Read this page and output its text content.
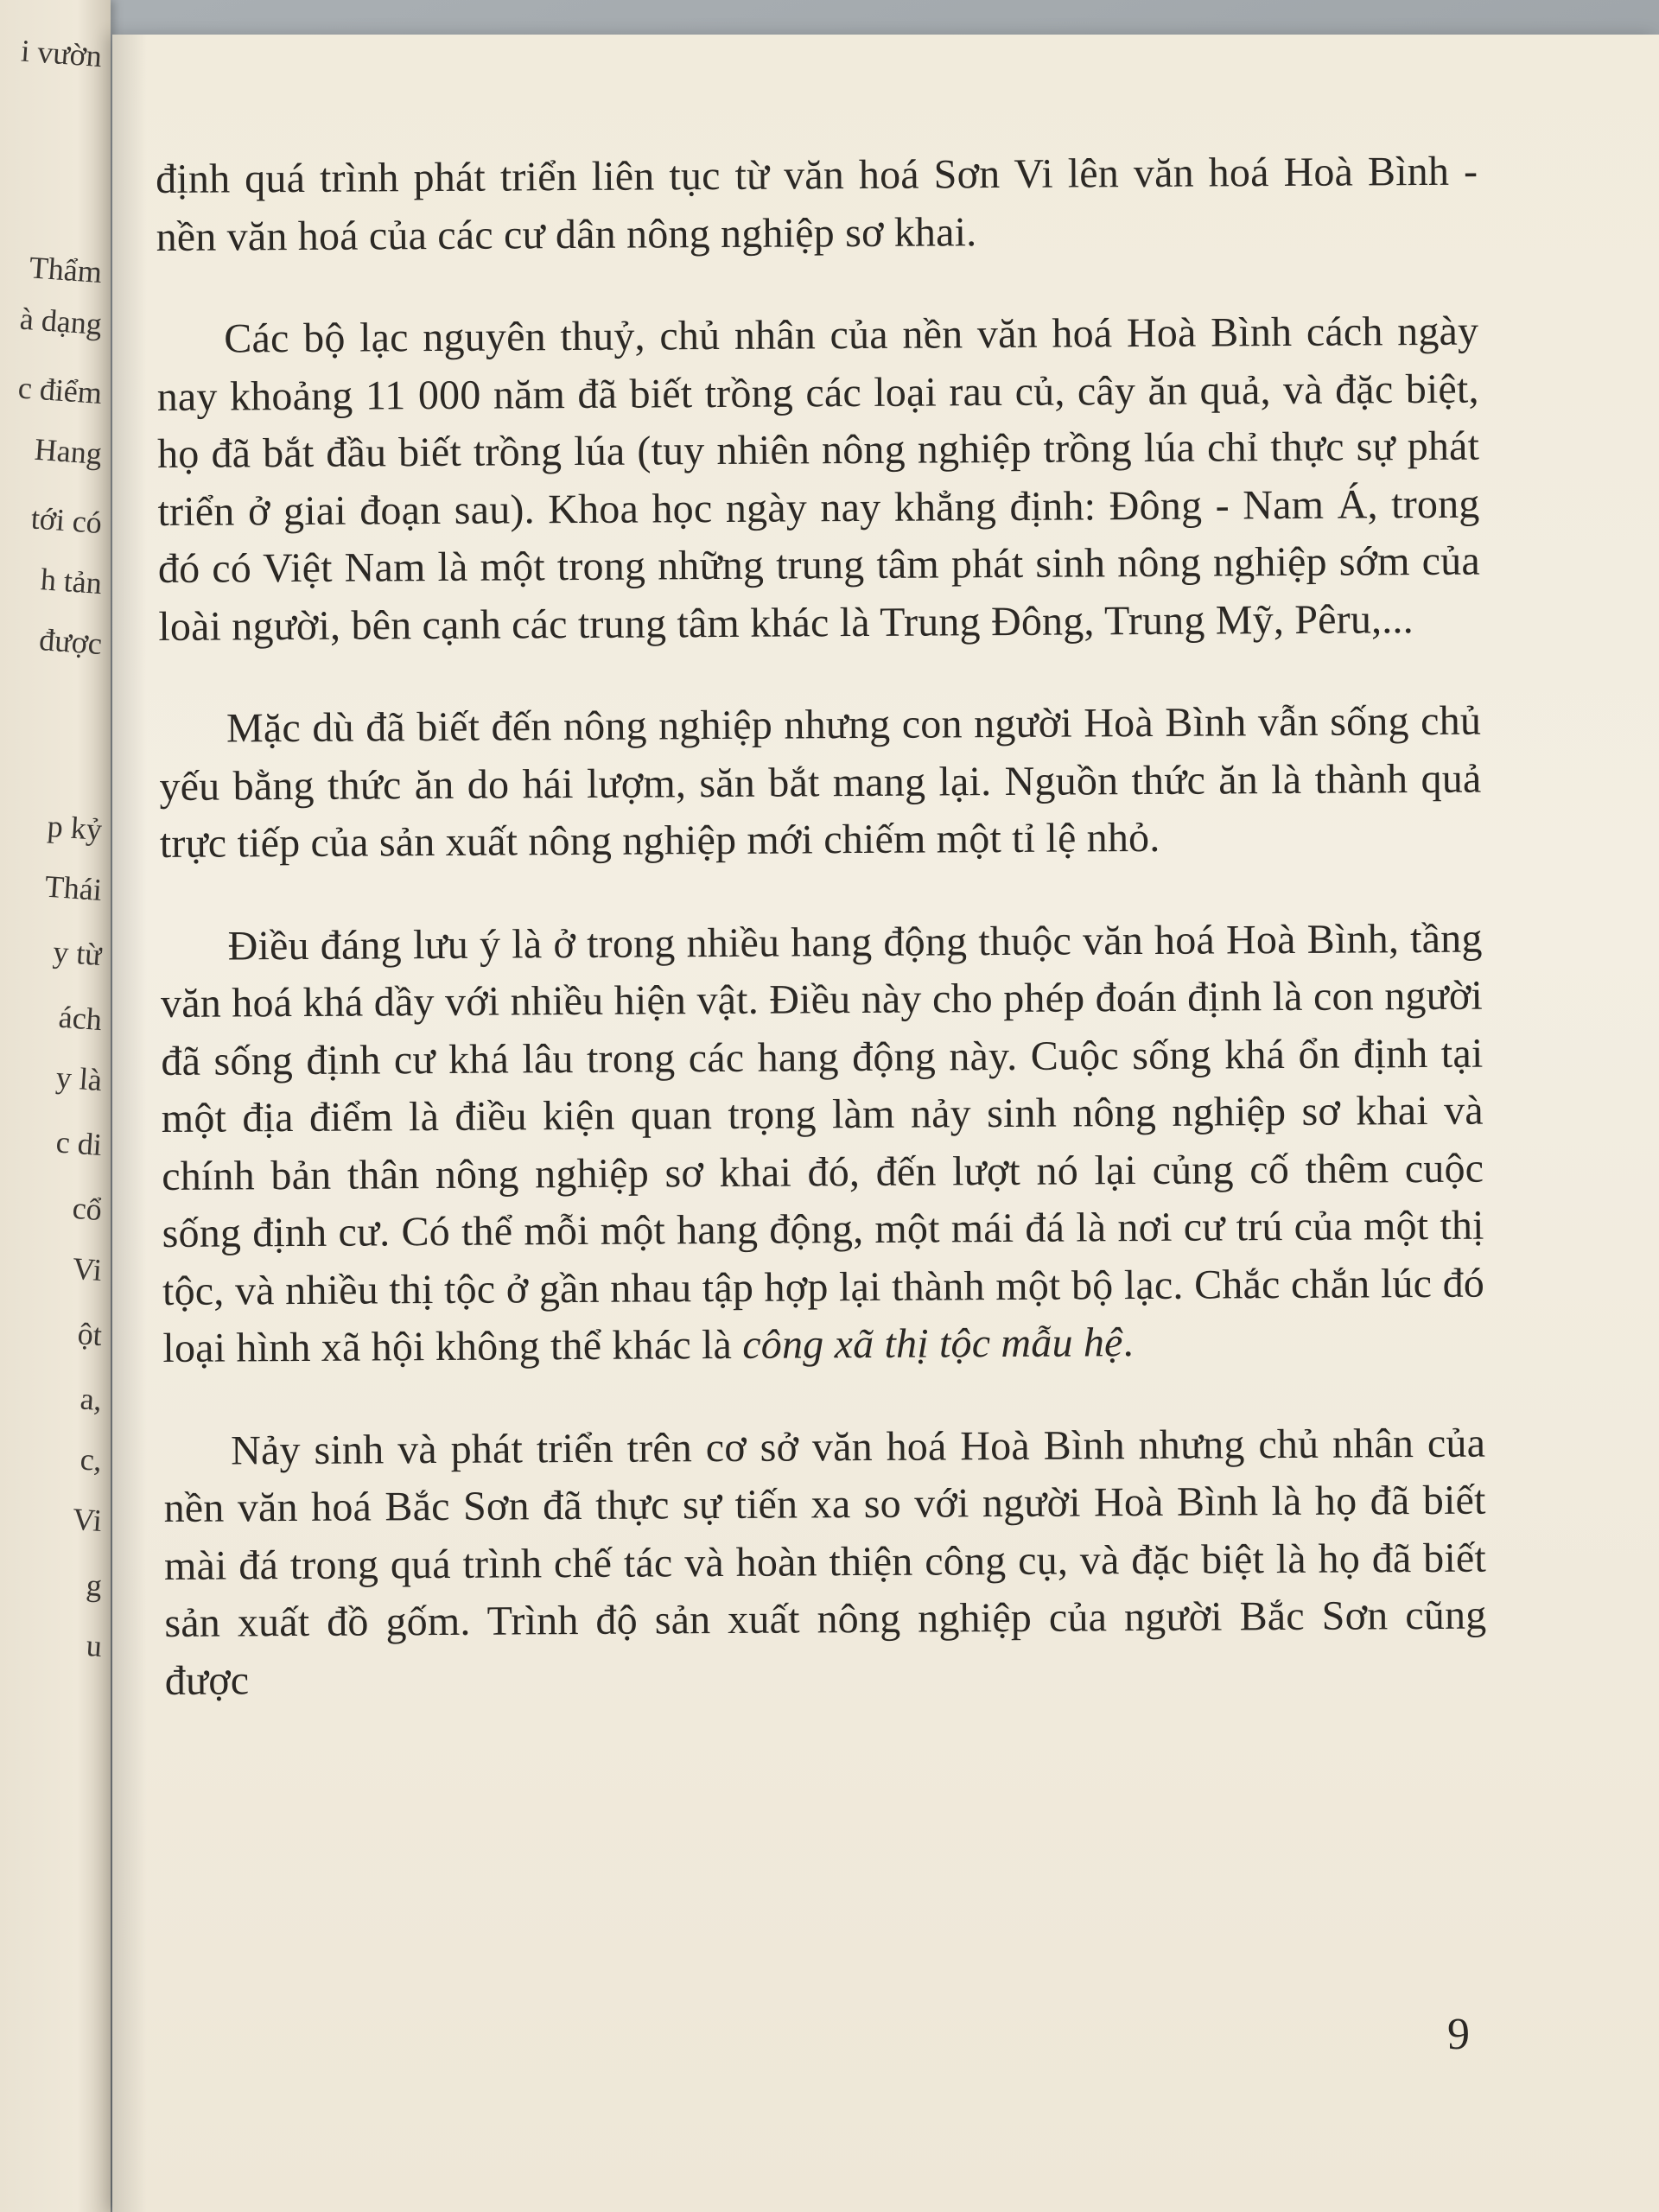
i vườn
Thẩm
à dạng
c điểm
Hang
tới có
h tản
được
p kỷ
Thái
y từ
ách
y là
c di
cổ
Vi
ột
a,
c,
Vi
g
u

định quá trình phát triển liên tục từ văn hoá Sơn Vi lên văn hoá Hoà Bình - nền văn hoá của các cư dân nông nghiệp sơ khai.

Các bộ lạc nguyên thuỷ, chủ nhân của nền văn hoá Hoà Bình cách ngày nay khoảng 11 000 năm đã biết trồng các loại rau củ, cây ăn quả, và đặc biệt, họ đã bắt đầu biết trồng lúa (tuy nhiên nông nghiệp trồng lúa chỉ thực sự phát triển ở giai đoạn sau). Khoa học ngày nay khẳng định: Đông - Nam Á, trong đó có Việt Nam là một trong những trung tâm phát sinh nông nghiệp sớm của loài người, bên cạnh các trung tâm khác là Trung Đông, Trung Mỹ, Pêru,...

Mặc dù đã biết đến nông nghiệp nhưng con người Hoà Bình vẫn sống chủ yếu bằng thức ăn do hái lượm, săn bắt mang lại. Nguồn thức ăn là thành quả trực tiếp của sản xuất nông nghiệp mới chiếm một tỉ lệ nhỏ.

Điều đáng lưu ý là ở trong nhiều hang động thuộc văn hoá Hoà Bình, tầng văn hoá khá dầy với nhiều hiện vật. Điều này cho phép đoán định là con người đã sống định cư khá lâu trong các hang động này. Cuộc sống khá ổn định tại một địa điểm là điều kiện quan trọng làm nảy sinh nông nghiệp sơ khai và chính bản thân nông nghiệp sơ khai đó, đến lượt nó lại củng cố thêm cuộc sống định cư. Có thể mỗi một hang động, một mái đá là nơi cư trú của một thị tộc, và nhiều thị tộc ở gần nhau tập hợp lại thành một bộ lạc. Chắc chắn lúc đó loại hình xã hội không thể khác là công xã thị tộc mẫu hệ.

Nảy sinh và phát triển trên cơ sở văn hoá Hoà Bình nhưng chủ nhân của nền văn hoá Bắc Sơn đã thực sự tiến xa so với người Hoà Bình là họ đã biết mài đá trong quá trình chế tác và hoàn thiện công cụ, và đặc biệt là họ đã biết sản xuất đồ gốm. Trình độ sản xuất nông nghiệp của người Bắc Sơn cũng được

9
